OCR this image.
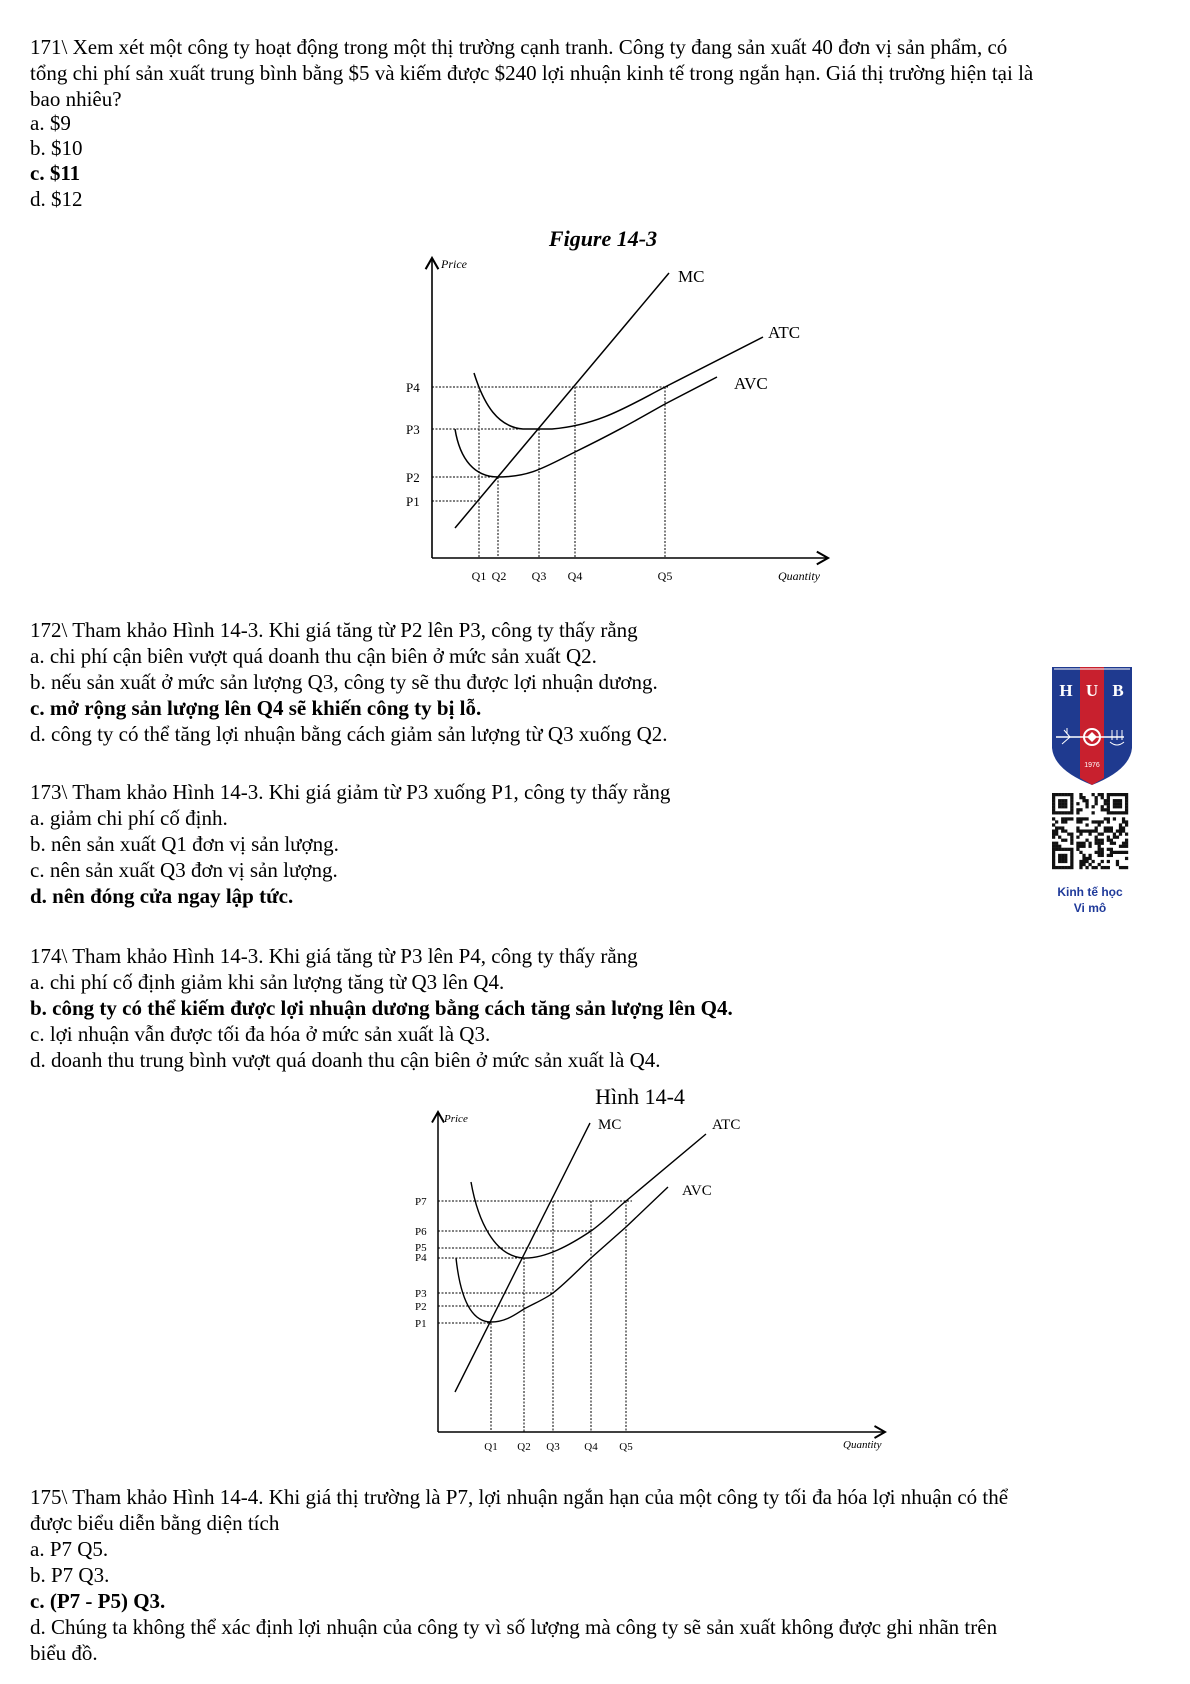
171\ Xem xét một công ty hoạt động trong một thị trường cạnh tranh. Công ty đang sản xuất 40 đơn vị sản phẩm, có
tổng chi phí sản xuất trung bình bằng $5 và kiếm được $240 lợi nhuận kinh tế trong ngắn hạn. Giá thị trường hiện tại là
bao nhiêu?
a. $9
b. $10
c. $11
d. $12
Figure 14-3
Price
Quantity
MC
ATC
AVC
P4
P3
P2
P1
Q1 Q2 Q3 Q4	Q5
172\ Tham khảo Hình 14-3. Khi giá tăng từ P2 lên P3, công ty thấy rằng
a. chi phí cận biên vượt quá doanh thu cận biên ở mức sản xuất Q2.
b. nếu sản xuất ở mức sản lượng Q3, công ty sẽ thu được lợi nhuận dương.
c. mở rộng sản lượng lên Q4 sẽ khiến công ty bị lỗ.
d. công ty có thể tăng lợi nhuận bằng cách giảm sản lượng từ Q3 xuống Q2.
173\ Tham khảo Hình 14-3. Khi giá giảm từ P3 xuống P1, công ty thấy rằng
a. giảm chi phí cố định.
b. nên sản xuất Q1 đơn vị sản lượng.
c. nên sản xuất Q3 đơn vị sản lượng.
d. nên đóng cửa ngay lập tức.
174\ Tham khảo Hình 14-3. Khi giá tăng từ P3 lên P4, công ty thấy rằng
a. chi phí cố định giảm khi sản lượng tăng từ Q3 lên Q4.
b. công ty có thể kiếm được lợi nhuận dương bằng cách tăng sản lượng lên Q4.
c. lợi nhuận vẫn được tối đa hóa ở mức sản xuất là Q3.
d. doanh thu trung bình vượt quá doanh thu cận biên ở mức sản xuất là Q4.
Hình 14-4
Price
Quantity
MC	ATC
AVC
P7
P6
P5
P4
P3
P2
P1
Q1 Q2 Q3 Q4 Q5
175\ Tham khảo Hình 14-4. Khi giá thị trường là P7, lợi nhuận ngắn hạn của một công ty tối đa hóa lợi nhuận có thể
được biểu diễn bằng diện tích
a. P7 Q5.
b. P7 Q3.
c. (P7 - P5) Q3.
d. Chúng ta không thể xác định lợi nhuận của công ty vì số lượng mà công ty sẽ sản xuất không được ghi nhãn trên
biểu đồ.
H U B
1976
Kinh tế học
Vi mô
